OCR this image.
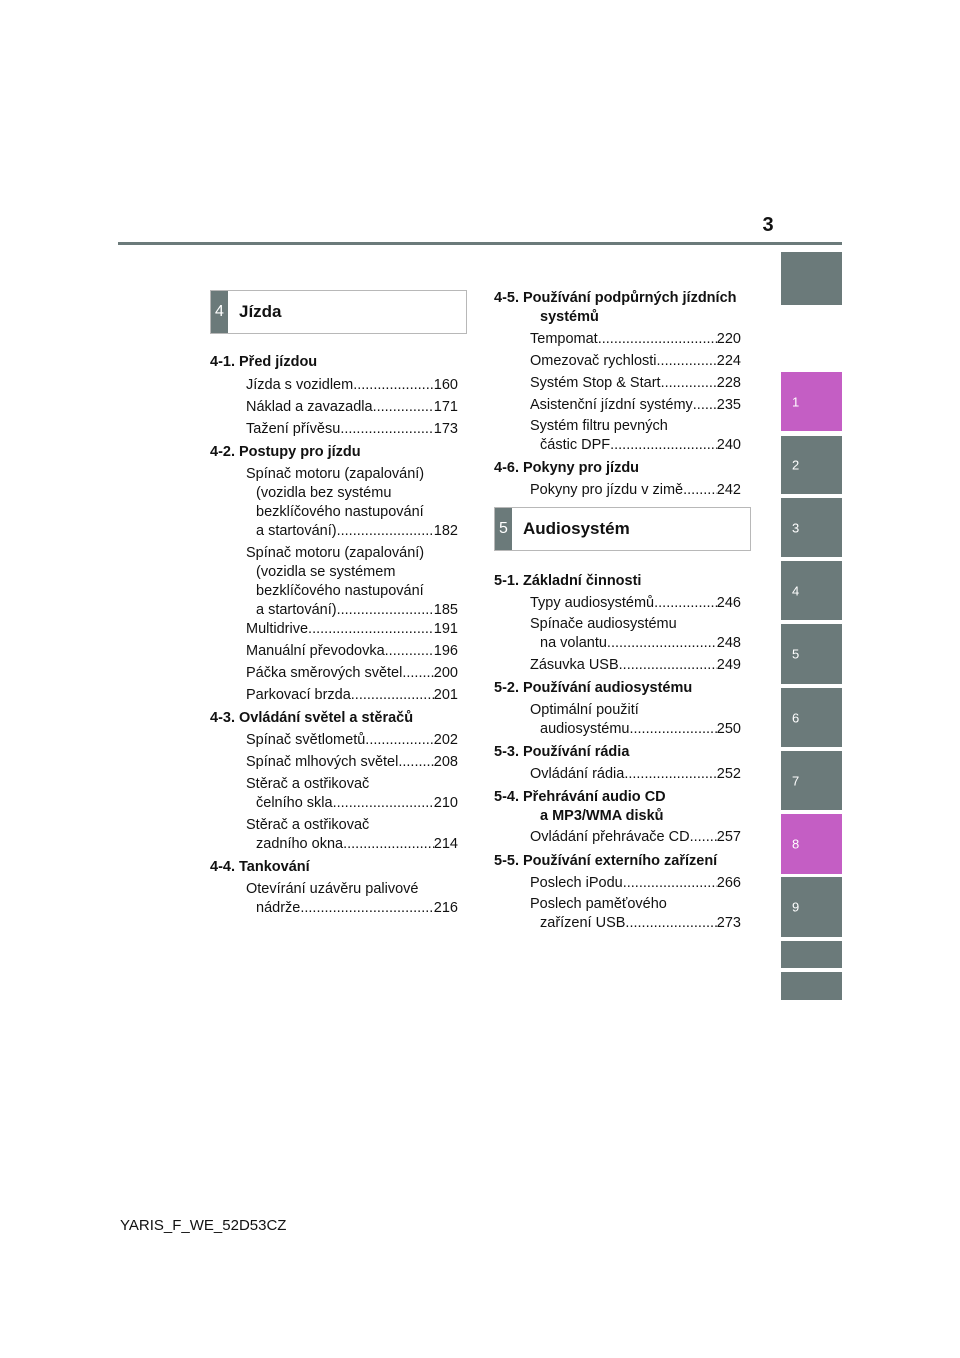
3
1
2
3
4
5
6
7
8
9
4 Jízda
4-1. Před jízdou
Jízda s vozidlem .....	160
Náklad a zavazadla .....	171
Tažení přívěsu .....	173
4-2. Postupy pro jízdu
Spínač motoru (zapalování)
(vozidla bez systému
bezklíčového nastupování
a startování) .....	182
Spínač motoru (zapalování)
(vozidla se systémem
bezklíčového nastupování
a startování) .....	185
Multidrive .....	191
Manuální převodovka .....	196
Páčka směrových světel ..... 200
Parkovací brzda .....	201
4-3. Ovládání světel a stěračů
Spínač světlometů .....	202
Spínač mlhových světel ..... 208
Stěrač a ostřikovač
čelního skla .....	210
Stěrač a ostřikovač
zadního okna .....	214
4-4. Tankování
Otevírání uzávěru palivové
nádrže .....	216
4-5. Používání podpůrných jízdních
systémů
Tempomat .....	220
Omezovač rychlosti .....	224
Systém Stop & Start .....	228
Asistenční jízdní systémy ..... 235
Systém filtru pevných
částic DPF .....	240
4-6. Pokyny pro jízdu
Pokyny pro jízdu v zimě ..... 242
5 Audiosystém
5-1. Základní činnosti
Typy audiosystémů .....	246
Spínače audiosystému
na volantu .....	248
Zásuvka USB .....	249
5-2. Používání audiosystému
Optimální použití
audiosystému .....	250
5-3. Používání rádia
Ovládání rádia .....	252
5-4. Přehrávání audio CD
a MP3/WMA disků
Ovládání přehrávače CD ..... 257
5-5. Používání externího zařízení
Poslech iPodu .....	266
Poslech paměťového
zařízení USB .....	273
YARIS_F_WE_52D53CZ
